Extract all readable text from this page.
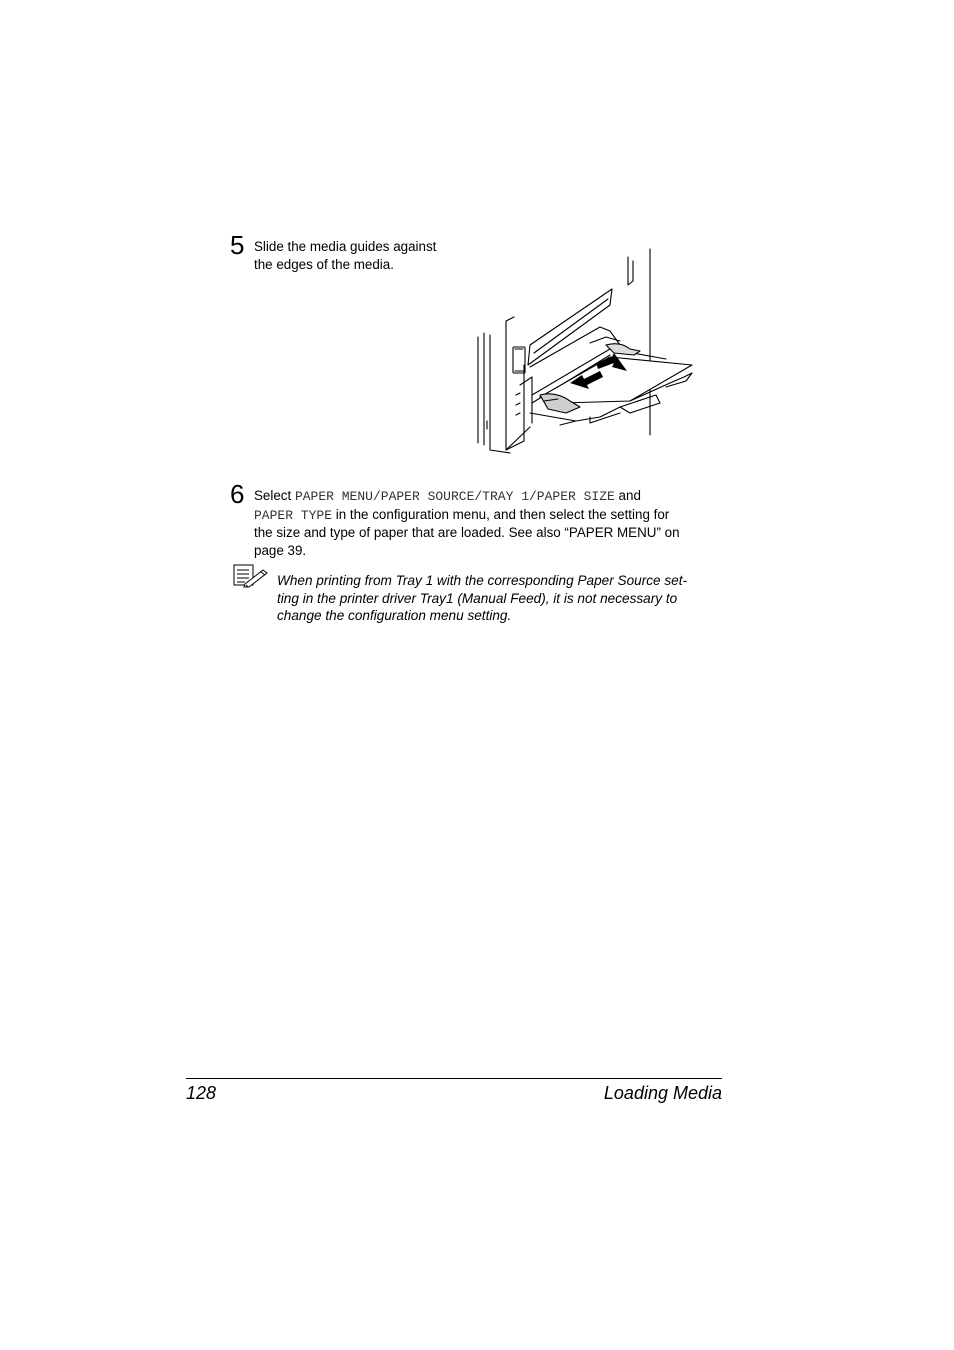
5 Slide the media guides against
the edges of the media.
6 Select PAPER MENU/PAPER SOURCE/TRAY 1/PAPER SIZE and
PAPER TYPE in the configuration menu, and then select the setting for
the size and type of paper that are loaded. See also “PAPER MENU” on
page 39.
When printing from Tray 1 with the corresponding Paper Source set-
ting in the printer driver Tray1 (Manual Feed), it is not necessary to
change the configuration menu setting.
128	Loading Media
